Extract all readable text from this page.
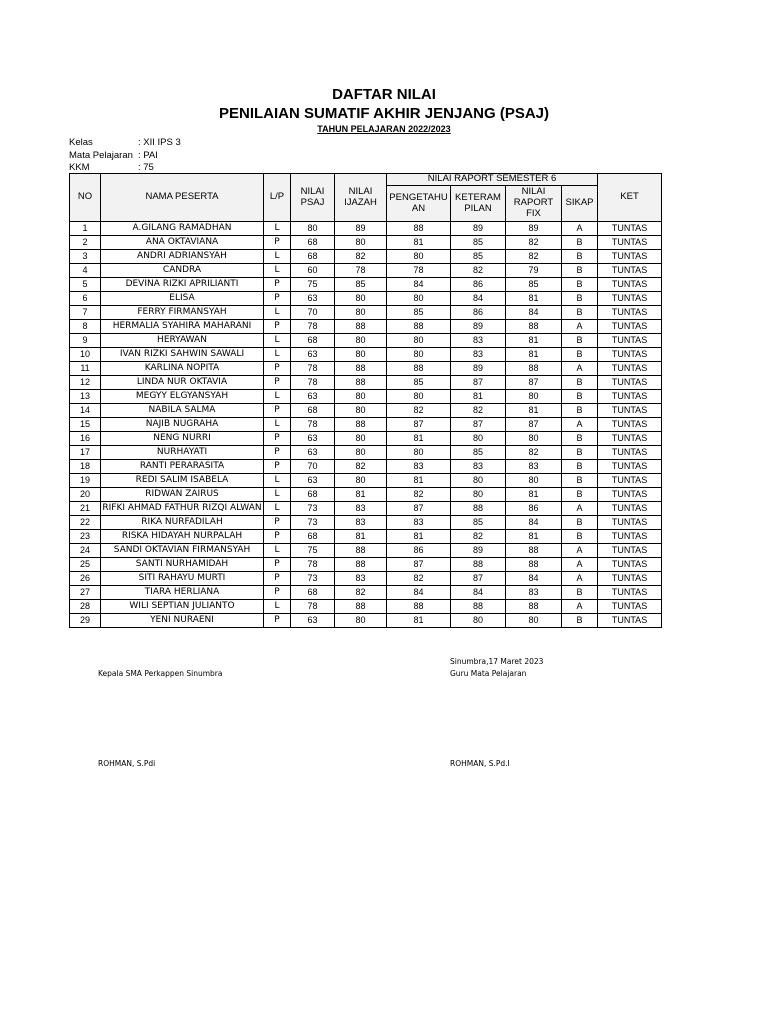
DAFTAR NILAI
PENILAIAN SUMATIF AKHIR JENJANG (PSAJ)
TAHUN PELAJARAN 2022/2023
Kelas	: XII IPS 3
Mata Pelajaran : PAI
KKM	: 75
NO	NAMA PESERTA	L/P	NILAI PSAJ	NILAI IJAZAH	NILAI RAPORT SEMESTER 6				KET
					PENGETAHU AN	KETERAM PILAN	NILAI RAPORT FIX	SIKAP	
1	A.GILANG RAMADHAN	L	80	89	88	89	89	A	TUNTAS
2	ANA OKTAVIANA	P	68	80	81	85	82	B	TUNTAS
3	ANDRI ADRIANSYAH	L	68	82	80	85	82	B	TUNTAS
4	CANDRA	L	60	78	78	82	79	B	TUNTAS
5	DEVINA RIZKI APRILIANTI	P	75	85	84	86	85	B	TUNTAS
6	ELISA	P	63	80	80	84	81	B	TUNTAS
7	FERRY FIRMANSYAH	L	70	80	85	86	84	B	TUNTAS
8	HERMALIA SYAHIRA MAHARANI	P	78	88	88	89	88	A	TUNTAS
9	HERYAWAN	L	68	80	80	83	81	B	TUNTAS
10	IVAN RIZKI SAHWIN SAWALI	L	63	80	80	83	81	B	TUNTAS
11	KARLINA NOPITA	P	78	88	88	89	88	A	TUNTAS
12	LINDA NUR OKTAVIA	P	78	88	85	87	87	B	TUNTAS
13	MEGYY ELGYANSYAH	L	63	80	80	81	80	B	TUNTAS
14	NABILA SALMA	P	68	80	82	82	81	B	TUNTAS
15	NAJIB NUGRAHA	L	78	88	87	87	87	A	TUNTAS
16	NENG NURRI	P	63	80	81	80	80	B	TUNTAS
17	NURHAYATI	P	63	80	80	85	82	B	TUNTAS
18	RANTI PERARASITA	P	70	82	83	83	83	B	TUNTAS
19	REDI SALIM ISABELA	L	63	80	81	80	80	B	TUNTAS
20	RIDWAN ZAIRUS	L	68	81	82	80	81	B	TUNTAS
21	RIFKI AHMAD FATHUR RIZQI ALWAN	L	73	83	87	88	86	A	TUNTAS
22	RIKA NURFADILAH	P	73	83	83	85	84	B	TUNTAS
23	RISKA HIDAYAH NURPALAH	P	68	81	81	82	81	B	TUNTAS
24	SANDI OKTAVIAN FIRMANSYAH	L	75	88	86	89	88	A	TUNTAS
25	SANTI NURHAMIDAH	P	78	88	87	88	88	A	TUNTAS
26	SITI RAHAYU MURTI	P	73	83	82	87	84	A	TUNTAS
27	TIARA HERLIANA	P	68	82	84	84	83	B	TUNTAS
28	WILI SEPTIAN JULIANTO	L	78	88	88	88	88	A	TUNTAS
29	YENI NURAENI	P	63	80	81	80	80	B	TUNTAS
Sinumbra,17 Maret 2023
Kepala SMA Perkappen Sinumbra	Guru Mata Pelajaran
ROHMAN, S.Pdi	ROHMAN, S.Pd.I
